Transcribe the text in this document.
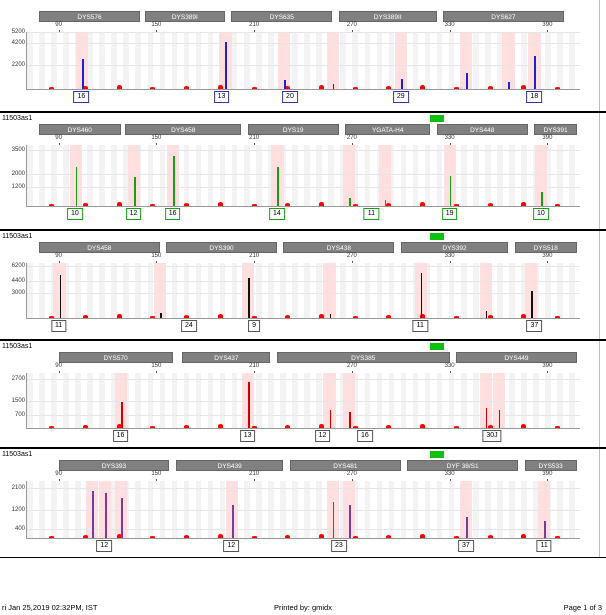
DYS576	DYS389I	DYS635	DYS389II	DYS627
90	150	210	270	330	390
5200
4200
2200
16	13	20	29	18
11503as1
DYS460	DYS458	DYS19	YGATA-H4	DYS448	DYS391
90	150	210	270	330	390
3500
2000
1200
10	12	16	14	11	19	10
11503as1
DYS458	DYS390	DYS438	DYS392	DYS518
90	150	210	270	330	390
6200
4400
3000
11	24	9	11	37
11503as1
DYS570	DYS437	DYS385	DYS449
90	150	210	270	330	390
2700
1500
700
16	13	12	16	30J
11503as1
DYS393	DYS439	DYS481	DYF 38/S1	DYS533
90	150	210	270	330	390
2100
1200
400
12	12	23	37	11
ri Jan 25,2019 02:32PM, IST	Printed by: gmidx	Page 1 of 3
